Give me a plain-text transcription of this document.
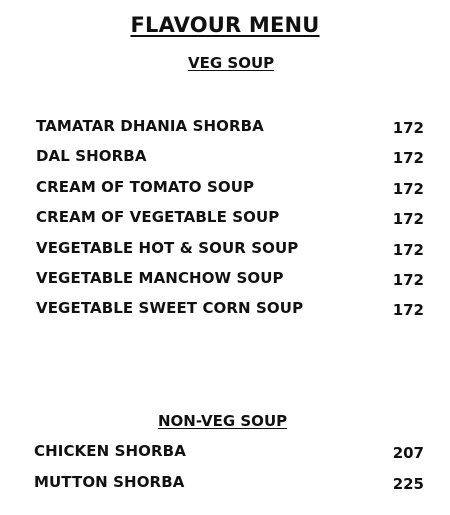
FLAVOUR MENU
VEG SOUP
TAMATAR DHANIA SHORBA	172
DAL SHORBA	172
CREAM OF TOMATO SOUP	172
CREAM OF VEGETABLE SOUP	172
VEGETABLE HOT & SOUR SOUP	172
VEGETABLE MANCHOW SOUP	172
VEGETABLE SWEET CORN SOUP	172
NON-VEG SOUP
CHICKEN SHORBA	207
MUTTON SHORBA	225
